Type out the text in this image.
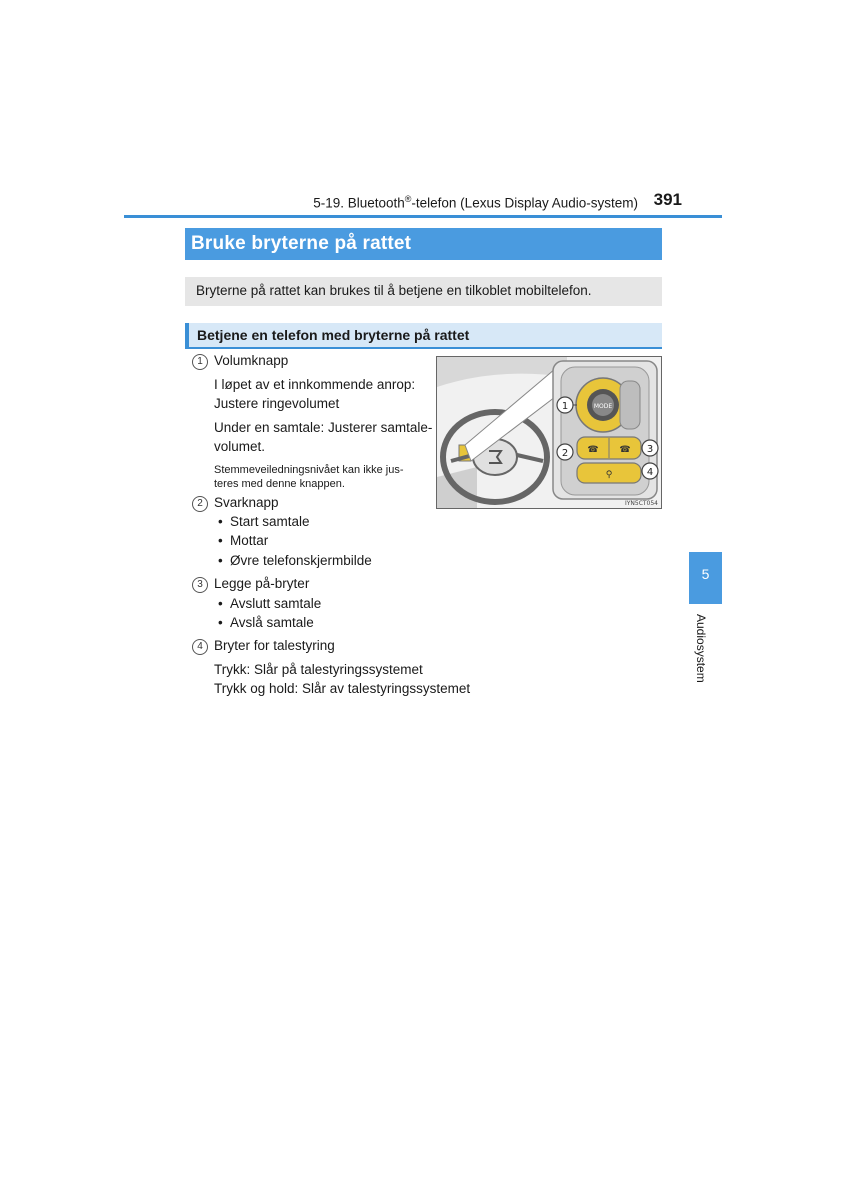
5-19. Bluetooth®-telefon (Lexus Display Audio-system) 391
Bruke bryterne på rattet
Bryterne på rattet kan brukes til å betjene en tilkoblet mobiltelefon.
Betjene en telefon med bryterne på rattet
1 Volumknapp
I løpet av et innkommende anrop:
Justere ringevolumet
Under en samtale: Justerer samtale-
volumet.
Stemmeveiledningsnivået kan ikke jus-
teres med denne knappen.
2 Svarknapp
• Start samtale
• Mottar
• Øvre telefonskjermbilde
3 Legge på-bryter
• Avslutt samtale
• Avslå samtale
4 Bryter for talestyring
Trykk: Slår på talestyringssystemet
Trykk og hold: Slår av talestyringssystemet
MODE
☎ ☎
⚲
1
2	3
4
IYN5CT054
5
Audiosystem
